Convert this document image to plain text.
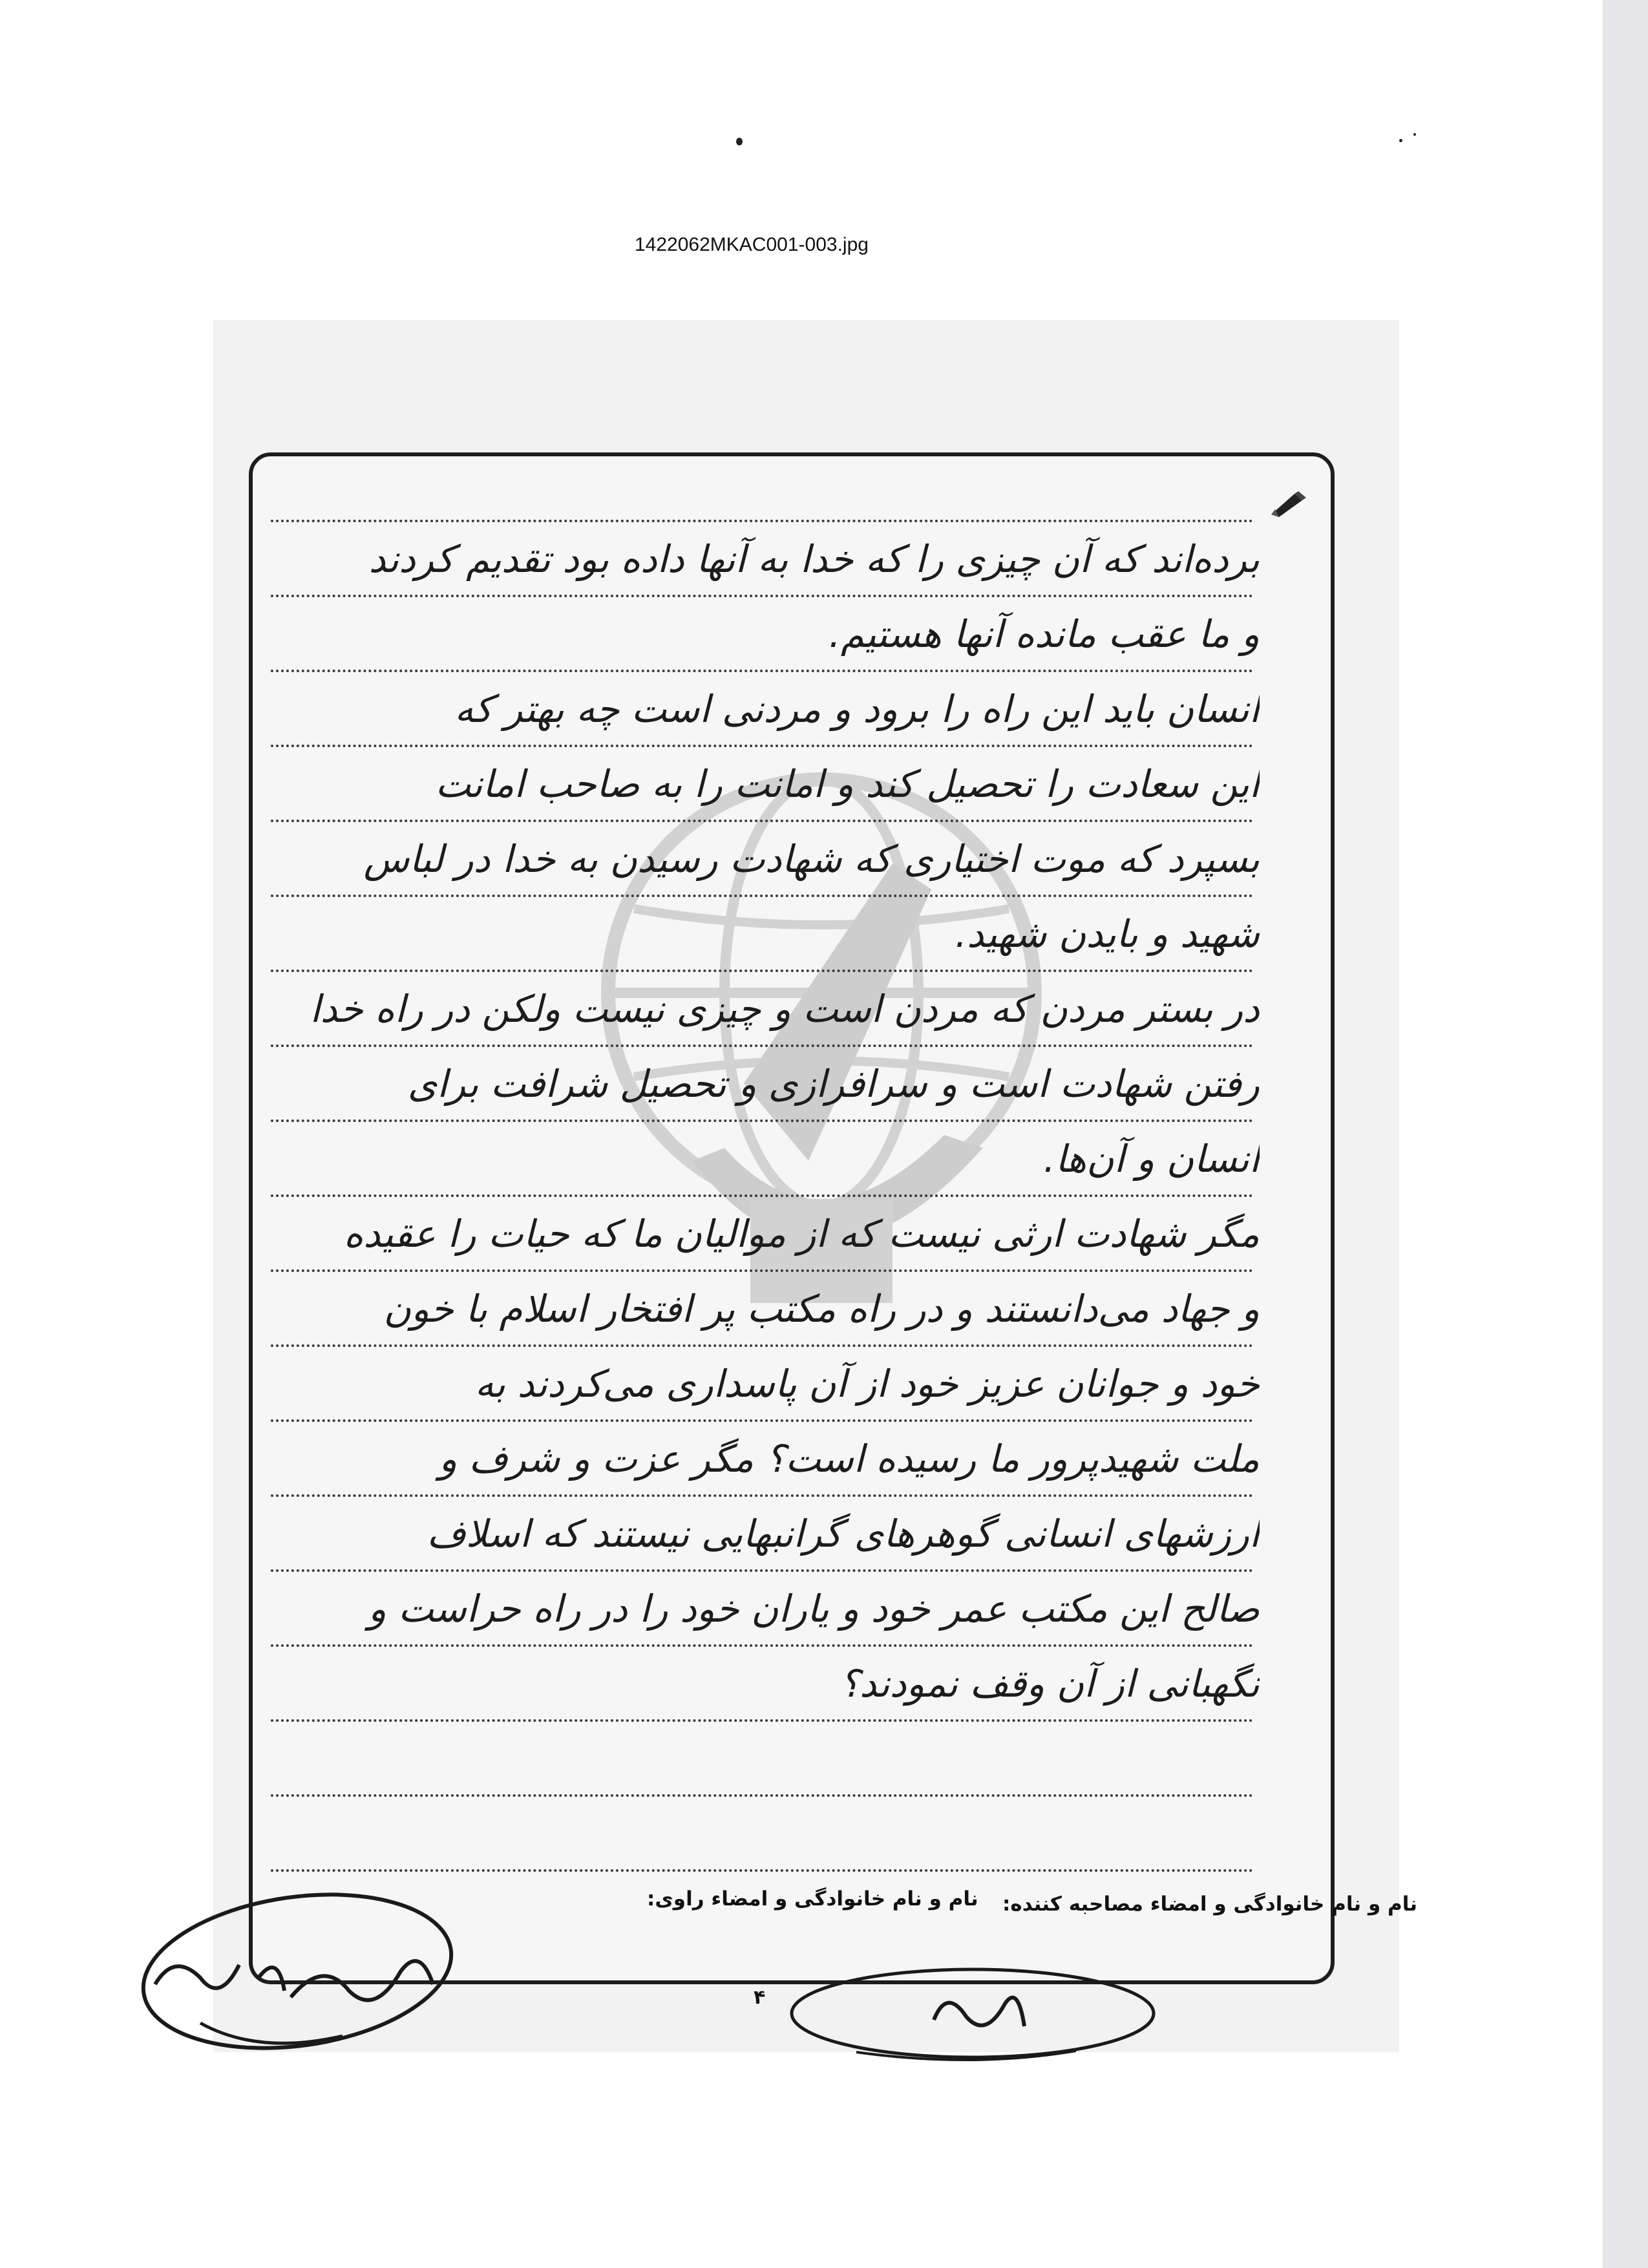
1422062MKAC001-003.jpg
برده‌اند که آن چیزی را که خدا به آنها داده بود تقدیم کردند
و ما عقب مانده آنها هستیم.
انسان باید این راه را برود و مردنی است چه بهتر که
این سعادت را تحصیل کند و امانت را به صاحب امانت
بسپرد که موت اختیاری که شهادت رسیدن به خدا در لباس
شهید و بایدن شهید.
در بستر مردن که مردن است و چیزی نیست ولکن در راه خدا
رفتن شهادت است و سرافرازی و تحصیل شرافت برای
انسان و آن‌ها.
مگر شهادت ارثی نیست که از موالیان ما که حیات را عقیده
و جهاد می‌دانستند و در راه مکتب پر افتخار اسلام با خون
خود و جوانان عزیز خود از آن پاسداری می‌کردند به
ملت شهیدپرور ما رسیده است؟ مگر عزت و شرف و
ارزشهای انسانی گوهرهای گرانبهایی نیستند که اسلاف
صالح این مکتب عمر خود و یاران خود را در راه حراست و
نگهبانی از آن وقف نمودند؟
نام و نام خانوادگی و امضاء راوی: نام و نام خانوادگی و امضاء مصاحبه کننده:
۴
